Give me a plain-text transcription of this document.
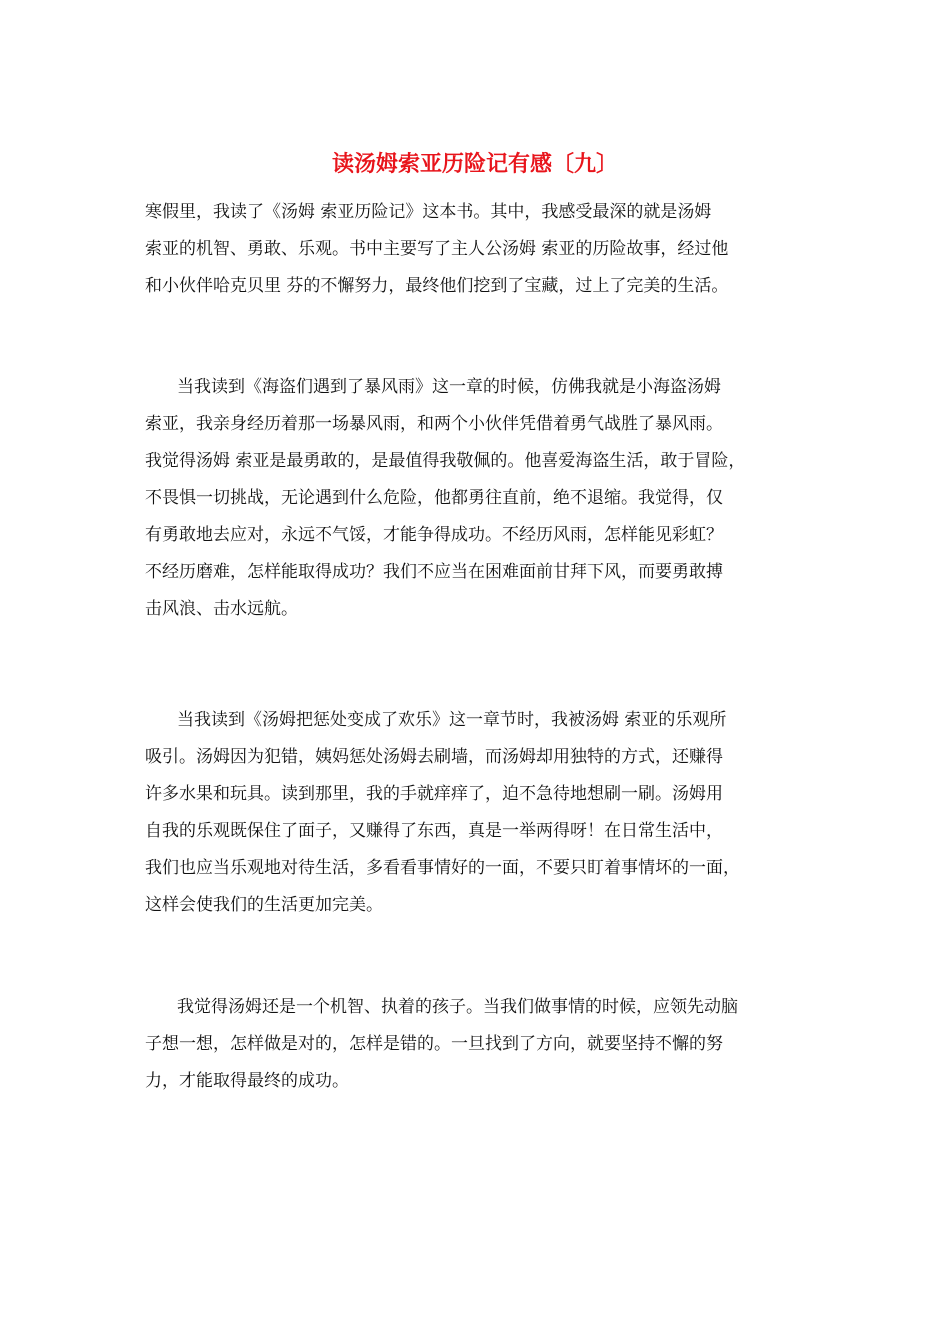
读汤姆索亚历险记有感〔九〕
寒假里，我读了《汤姆 索亚历险记》这本书。其中，我感受最深的就是汤姆
索亚的机智、勇敢、乐观。书中主要写了主人公汤姆 索亚的历险故事，经过他
和小伙伴哈克贝里 芬的不懈努力，最终他们挖到了宝藏，过上了完美的生活。
当我读到《海盗们遇到了暴风雨》这一章的时候，仿佛我就是小海盗汤姆
索亚，我亲身经历着那一场暴风雨，和两个小伙伴凭借着勇气战胜了暴风雨。
我觉得汤姆 索亚是最勇敢的，是最值得我敬佩的。他喜爱海盗生活，敢于冒险，
不畏惧一切挑战，无论遇到什么危险，他都勇往直前，绝不退缩。我觉得，仅
有勇敢地去应对，永远不气馁，才能争得成功。不经历风雨，怎样能见彩虹？
不经历磨难，怎样能取得成功？我们不应当在困难面前甘拜下风，而要勇敢搏
击风浪、击水远航。
当我读到《汤姆把惩处变成了欢乐》这一章节时，我被汤姆 索亚的乐观所
吸引。汤姆因为犯错，姨妈惩处汤姆去刷墙，而汤姆却用独特的方式，还赚得
许多水果和玩具。读到那里，我的手就痒痒了，迫不急待地想刷一刷。汤姆用
自我的乐观既保住了面子，又赚得了东西，真是一举两得呀！在日常生活中，
我们也应当乐观地对待生活，多看看事情好的一面，不要只盯着事情坏的一面，
这样会使我们的生活更加完美。
我觉得汤姆还是一个机智、执着的孩子。当我们做事情的时候，应领先动脑
子想一想，怎样做是对的，怎样是错的。一旦找到了方向，就要坚持不懈的努
力，才能取得最终的成功。
